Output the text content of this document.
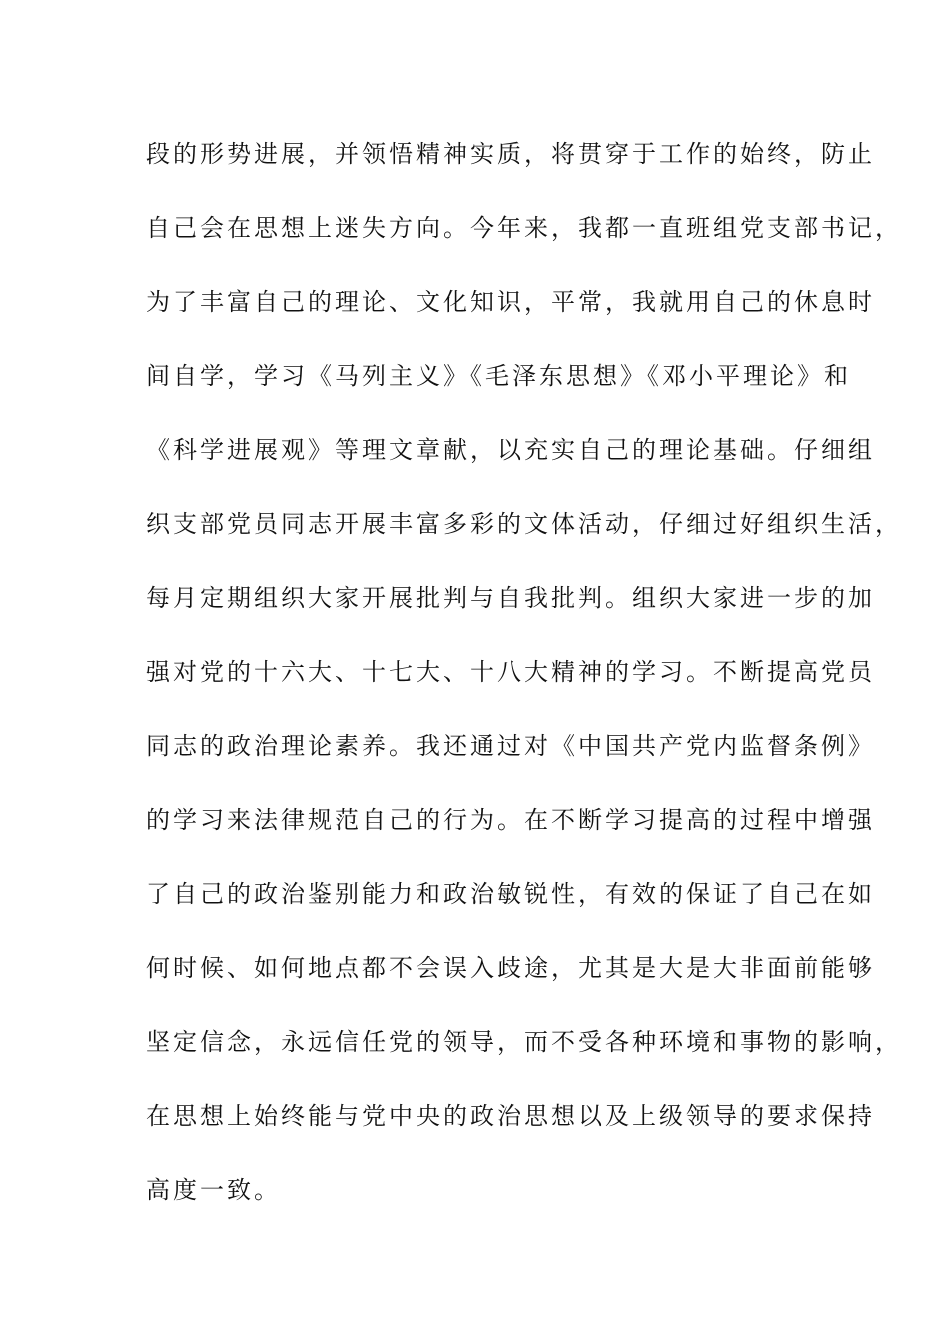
段的形势进展，并领悟精神实质，将贯穿于工作的始终，防止
自己会在思想上迷失方向。今年来，我都一直班组党支部书记，
为了丰富自己的理论、文化知识，平常，我就用自己的休息时
间自学，学习《马列主义》《毛泽东思想》《邓小平理论》和
《科学进展观》等理文章献，以充实自己的理论基础。仔细组
织支部党员同志开展丰富多彩的文体活动，仔细过好组织生活，
每月定期组织大家开展批判与自我批判。组织大家进一步的加
强对党的十六大、十七大、十八大精神的学习。不断提高党员
同志的政治理论素养。我还通过对《中国共产党内监督条例》
的学习来法律规范自己的行为。在不断学习提高的过程中增强
了自己的政治鉴别能力和政治敏锐性，有效的保证了自己在如
何时候、如何地点都不会误入歧途，尤其是大是大非面前能够
坚定信念，永远信任党的领导，而不受各种环境和事物的影响，
在思想上始终能与党中央的政治思想以及上级领导的要求保持
高度一致。
